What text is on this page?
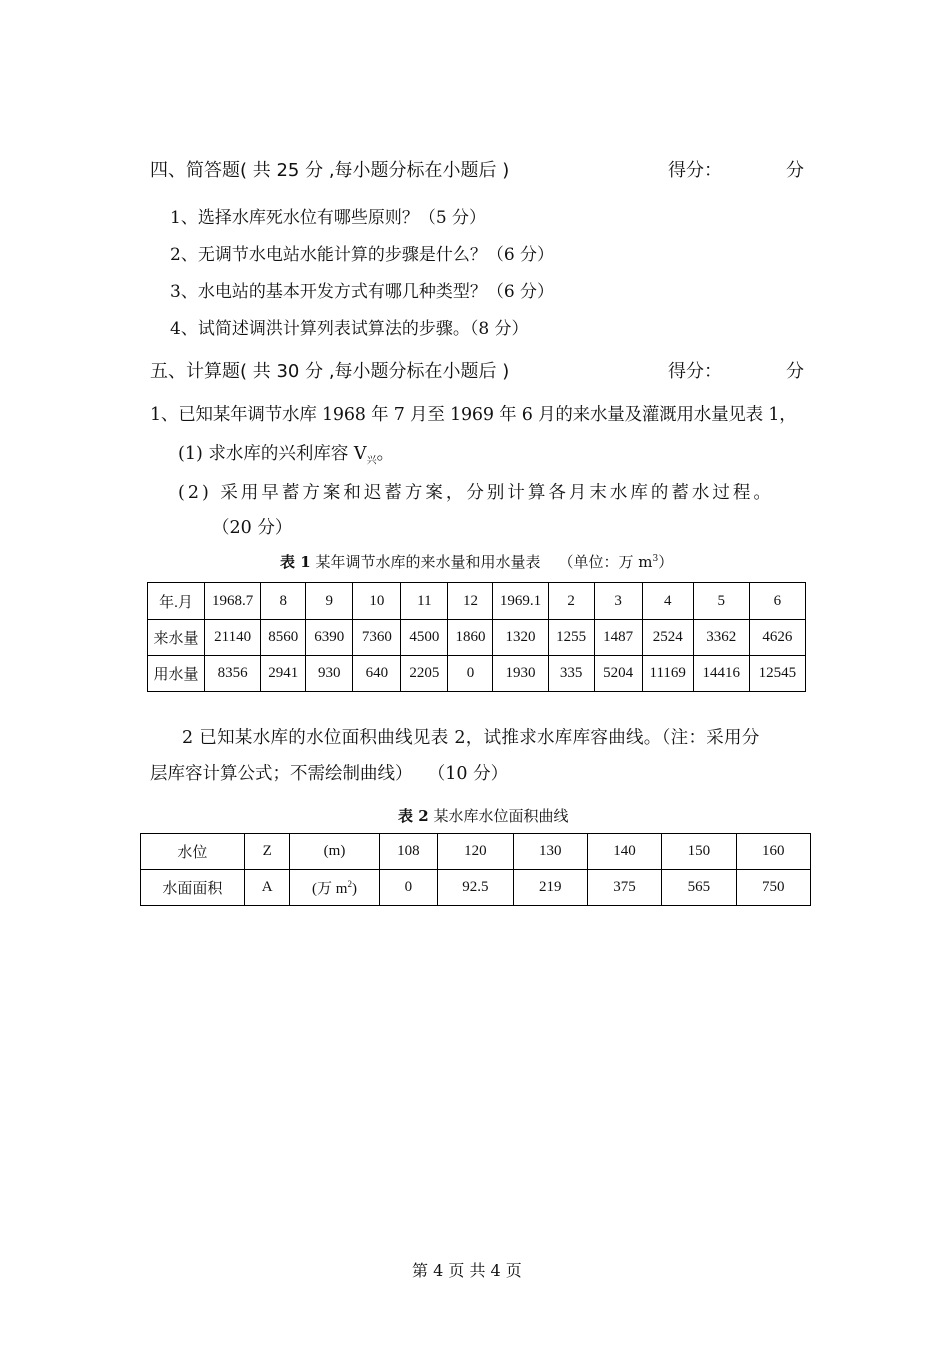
四、简答题( 共 25 分 ,每小题分标在小题后 )	得分：	分
1、选择水库死水位有哪些原则？（5 分）
2、无调节水电站水能计算的步骤是什么？（6 分）
3、水电站的基本开发方式有哪几种类型？（6 分）
4、试简述调洪计算列表试算法的步骤。（8 分）
五、计算题( 共 30 分 ,每小题分标在小题后 )	得分：	分
1、已知某年调节水库 1968 年 7 月至 1969 年 6 月的来水量及灌溉用水量见表 1，
(1) 求水库的兴利库容 $V_兴$。
(2) 采用早蓄方案和迟蓄方案，分别计算各月末水库的蓄水过程。
（20 分）
表 1 某年调节水库的来水量和用水量表 （单位：万 $m^3$）
年.月	1968.7	8	9	10	11	12	1969.1	2	3	4	5	6
来水量	21140	8560	6390	7360	4500	1860	1320	1255	1487	2524	3362	4626
用水量	8356	2941	930	640	2205	0	1930	335	5204	11169	14416	12545
2 已知某水库的水位面积曲线见表 2，试推求水库库容曲线。（注：采用分
层库容计算公式；不需绘制曲线） （10 分）
表 2 某水库水位面积曲线
水位	Z	(m)	108	120	130	140	150	160
水面面积	A	(万 $m^2$)	0	92.5	219	375	565	750
第 4 页 共 4 页
